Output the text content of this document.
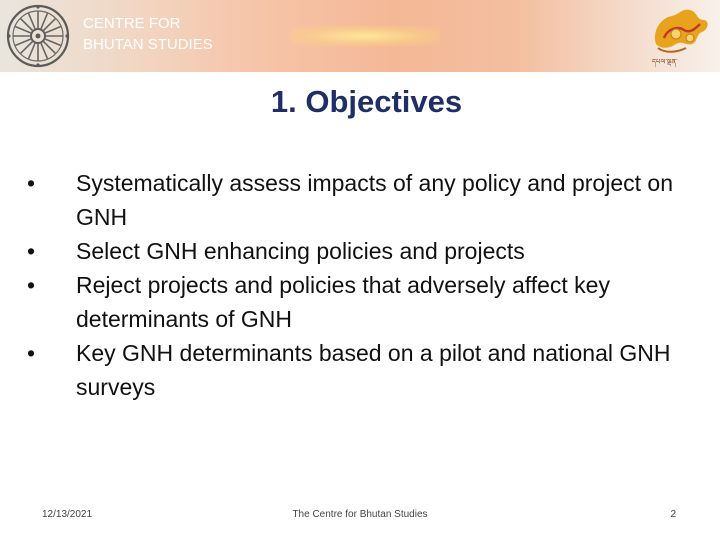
CENTRE FOR
BHUTAN STUDIES
དཔལ་ལྡན་
1. Objectives
• Systematically assess impacts of any policy and project on GNH
• Select GNH enhancing policies and projects
• Reject projects and policies that adversely affect key determinants of GNH
• Key GNH determinants based on a pilot and national GNH surveys
12/13/2021	The Centre for Bhutan Studies	2
